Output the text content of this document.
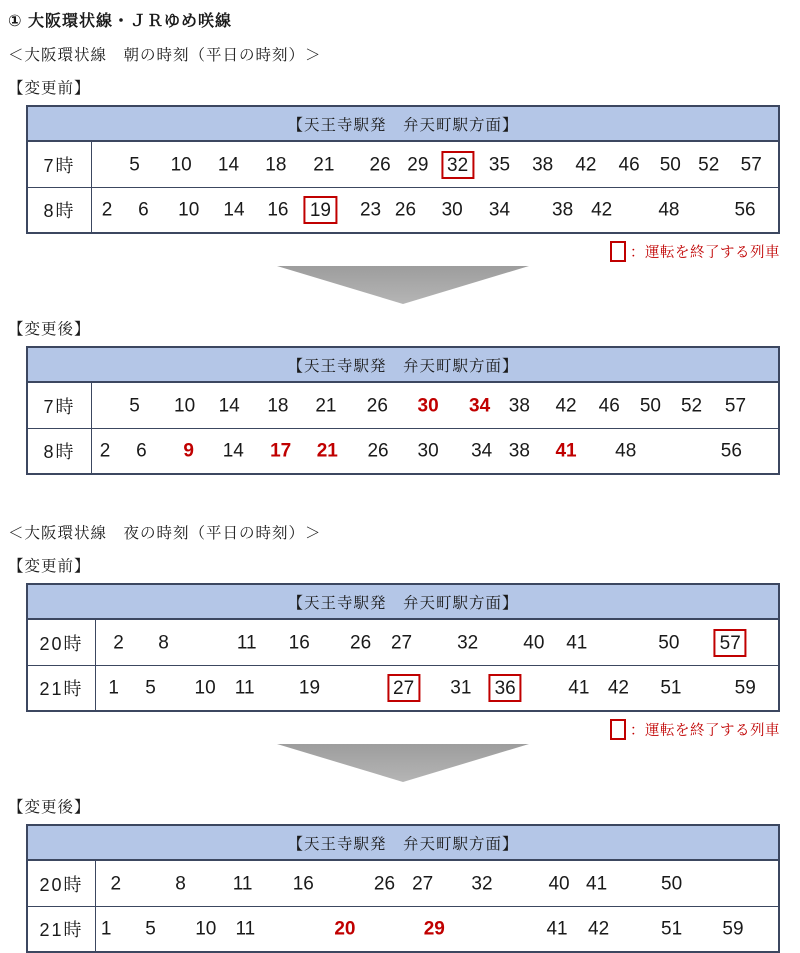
① 大阪環状線・ＪＲゆめ咲線
＜大阪環状線　朝の時刻（平日の時刻）＞
【変更前】
【天王寺駅発　弁天町駅方面】
7時	5 10 14 18 21 26 29 32	35 38 42 46 50 52 57
8時	2 6 10 14 16	19	23 26 30 34 38 42 48	56
：運転を終了する列車
【変更後】
【天王寺駅発　弁天町駅方面】
7時	5 10 14 18 21 26 30 34 38 42 46 50 52 57
8時	2 6 9 14 17 21 26 30 34 38 41 48	56
＜大阪環状線　夜の時刻（平日の時刻）＞
【変更前】
【天王寺駅発　弁天町駅方面】
20時	2 8	11 16 26 27 32 40 41	50	57
21時	1 5 10 11 19	27	31	36	41 42 51	59
：運転を終了する列車
【変更後】
【天王寺駅発　弁天町駅方面】
20時	2	8 11 16	26 27 32	40 41	50
21時 1 5 10 11	20	29	41 42	51 59
